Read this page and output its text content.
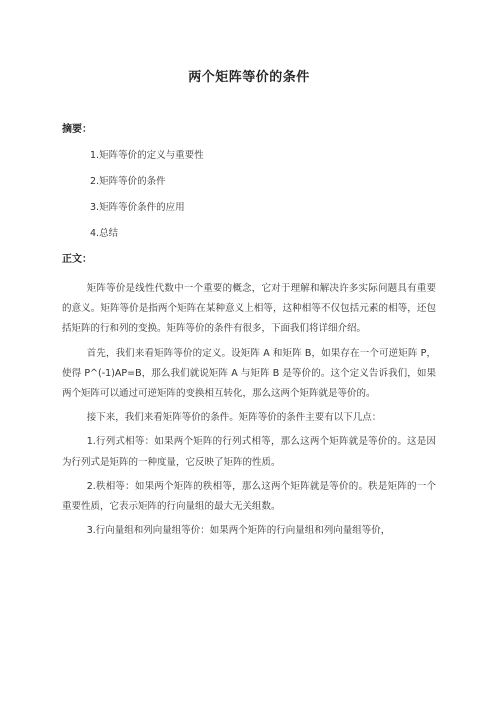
两个矩阵等价的条件
摘要：
1.矩阵等价的定义与重要性
2.矩阵等价的条件
3.矩阵等价条件的应用
4.总结
正文：

矩阵等价是线性代数中一个重要的概念，它对于理解和解决许多实际问题具有重要的意义。矩阵等价是指两个矩阵在某种意义上相等，这种相等不仅包括元素的相等，还包括矩阵的行和列的变换。矩阵等价的条件有很多，下面我们将详细介绍。

首先，我们来看矩阵等价的定义。设矩阵 A 和矩阵 B，如果存在一个可逆矩阵 P，使得 P^(-1)AP=B，那么我们就说矩阵 A 与矩阵 B 是等价的。这个定义告诉我们，如果两个矩阵可以通过可逆矩阵的变换相互转化，那么这两个矩阵就是等价的。

接下来，我们来看矩阵等价的条件。矩阵等价的条件主要有以下几点：

1.行列式相等：如果两个矩阵的行列式相等，那么这两个矩阵就是等价的。这是因为行列式是矩阵的一种度量，它反映了矩阵的性质。

2.秩相等：如果两个矩阵的秩相等，那么这两个矩阵就是等价的。秩是矩阵的一个重要性质，它表示矩阵的行向量组的最大无关组数。

3.行向量组和列向量组等价：如果两个矩阵的行向量组和列向量组等价，
